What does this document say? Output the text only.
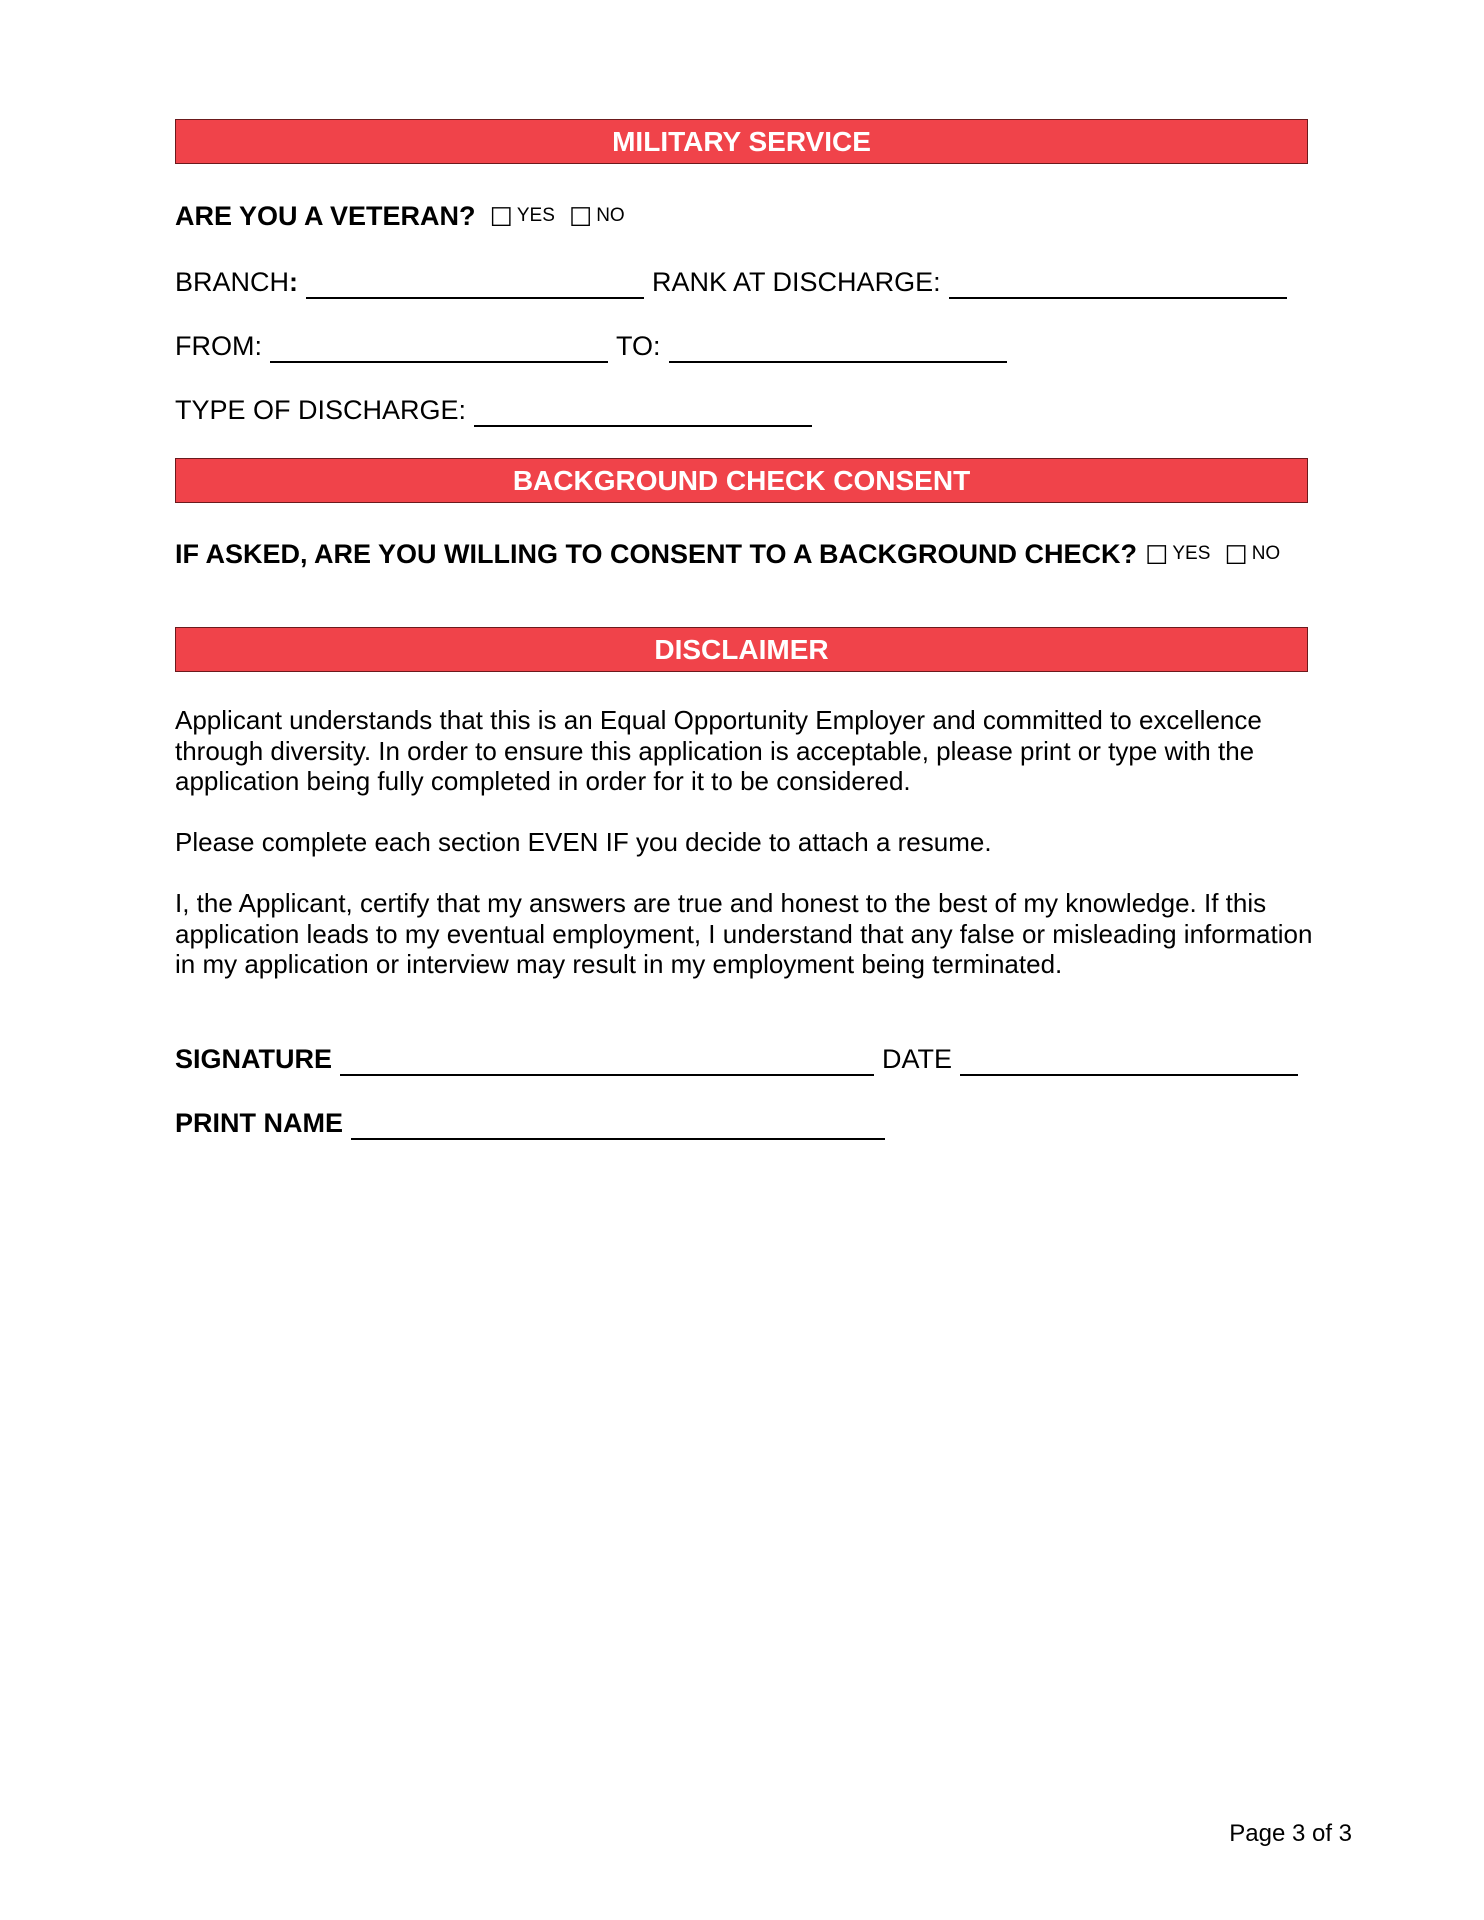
MILITARY SERVICE
ARE YOU A VETERAN? ☐ YES ☐ NO
BRANCH :	RANK AT DISCHARGE:
FROM:	TO:
TYPE OF DISCHARGE:
BACKGROUND CHECK CONSENT
IF ASKED, ARE YOU WILLING TO CONSENT TO A BACKGROUND CHECK? ☐ YES ☐ NO
DISCLAIMER
Applicant understands that this is an Equal Opportunity Employer and committed to excellence through diversity. In order to ensure this application is acceptable, please print or type with the application being fully completed in order for it to be considered.
Please complete each section EVEN IF you decide to attach a resume.
I, the Applicant, certify that my answers are true and honest to the best of my knowledge. If this application leads to my eventual employment, I understand that any false or misleading information in my application or interview may result in my employment being terminated.
SIGNATURE	DATE
PRINT NAME
Page 3 of 3
